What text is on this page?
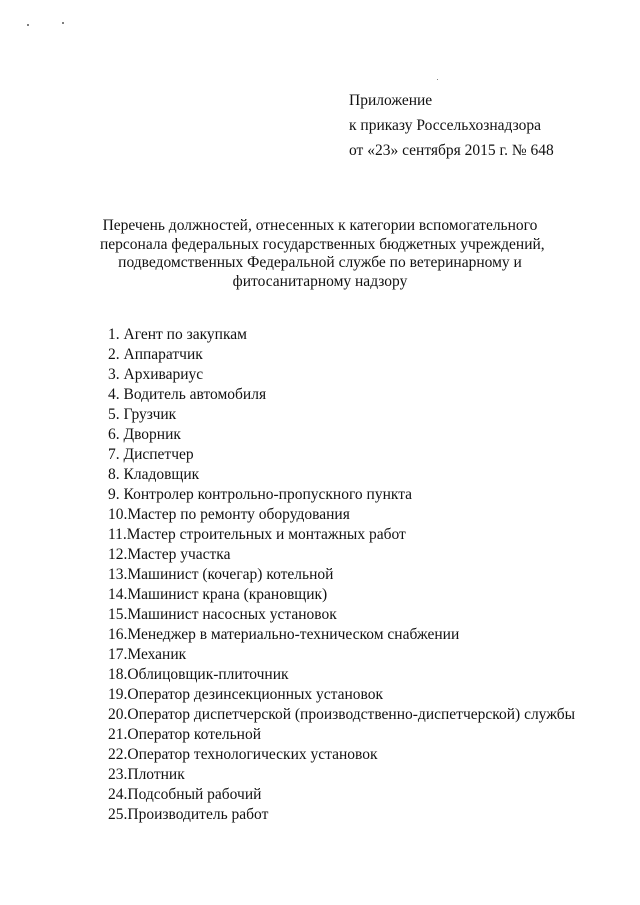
Приложение
к приказу Россельхознадзора
от «23» сентября 2015 г. № 648
Перечень должностей, отнесенных к категории вспомогательного
персонала федеральных государственных бюджетных учреждений,
подведомственных Федеральной службе по ветеринарному и
фитосанитарному надзору
1. Агент по закупкам
2. Аппаратчик
3. Архивариус
4. Водитель автомобиля
5. Грузчик
6. Дворник
7. Диспетчер
8. Кладовщик
9. Контролер контрольно-пропускного пункта
10.Мастер по ремонту оборудования
11.Мастер строительных и монтажных работ
12.Мастер участка
13.Машинист (кочегар) котельной
14.Машинист крана (крановщик)
15.Машинист насосных установок
16.Менеджер в материально-техническом снабжении
17.Механик
18.Облицовщик-плиточник
19.Оператор дезинсекционных установок
20.Оператор диспетчерской (производственно-диспетчерской) службы
21.Оператор котельной
22.Оператор технологических установок
23.Плотник
24.Подсобный рабочий
25.Производитель работ
